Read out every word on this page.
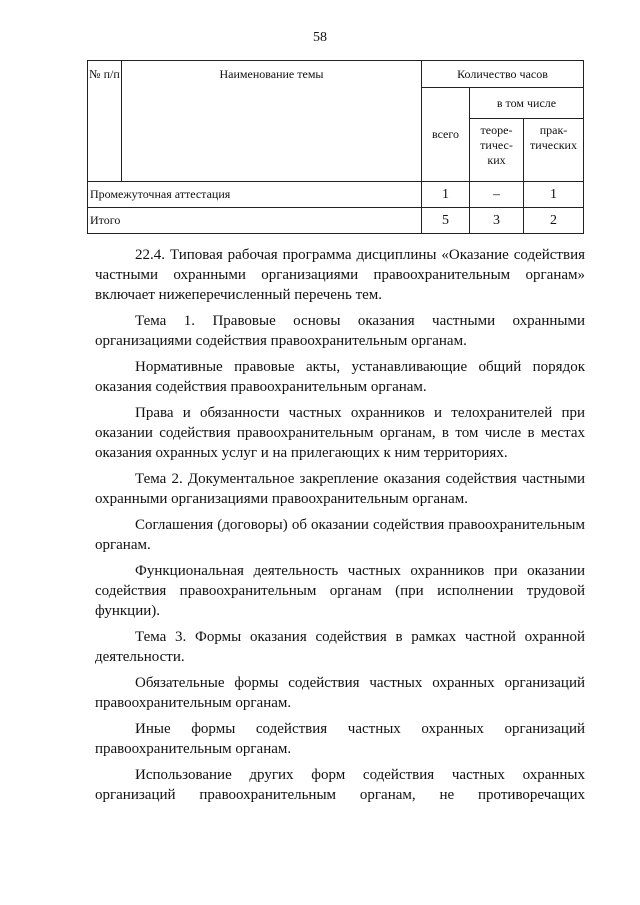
58
№ п/п	Наименование темы	Количество часов		
		всего	в том числе	
			теоре- тичес- ких	прак- тических
Промежуточная аттестация		1	–	1
Итого		5	3	2

22.4. Типовая рабочая программа дисциплины «Оказание содействия частными охранными организациями правоохранительным органам» включает нижеперечисленный перечень тем.

Тема 1. Правовые основы оказания частными охранными организациями содействия правоохранительным органам.

Нормативные правовые акты, устанавливающие общий порядок оказания содействия правоохранительным органам.

Права и обязанности частных охранников и телохранителей при оказании содействия правоохранительным органам, в том числе в местах оказания охранных услуг и на прилегающих к ним территориях.

Тема 2. Документальное закрепление оказания содействия частными охранными организациями правоохранительным органам.

Соглашения (договоры) об оказании содействия правоохранительным органам.

Функциональная деятельность частных охранников при оказании содействия правоохранительным органам (при исполнении трудовой функции).

Тема 3. Формы оказания содействия в рамках частной охранной деятельности.

Обязательные формы содействия частных охранных организаций правоохранительным органам.

Иные формы содействия частных охранных организаций правоохранительным органам.

Использование других форм содействия частных охранных организаций правоохранительным органам, не противоречащих
